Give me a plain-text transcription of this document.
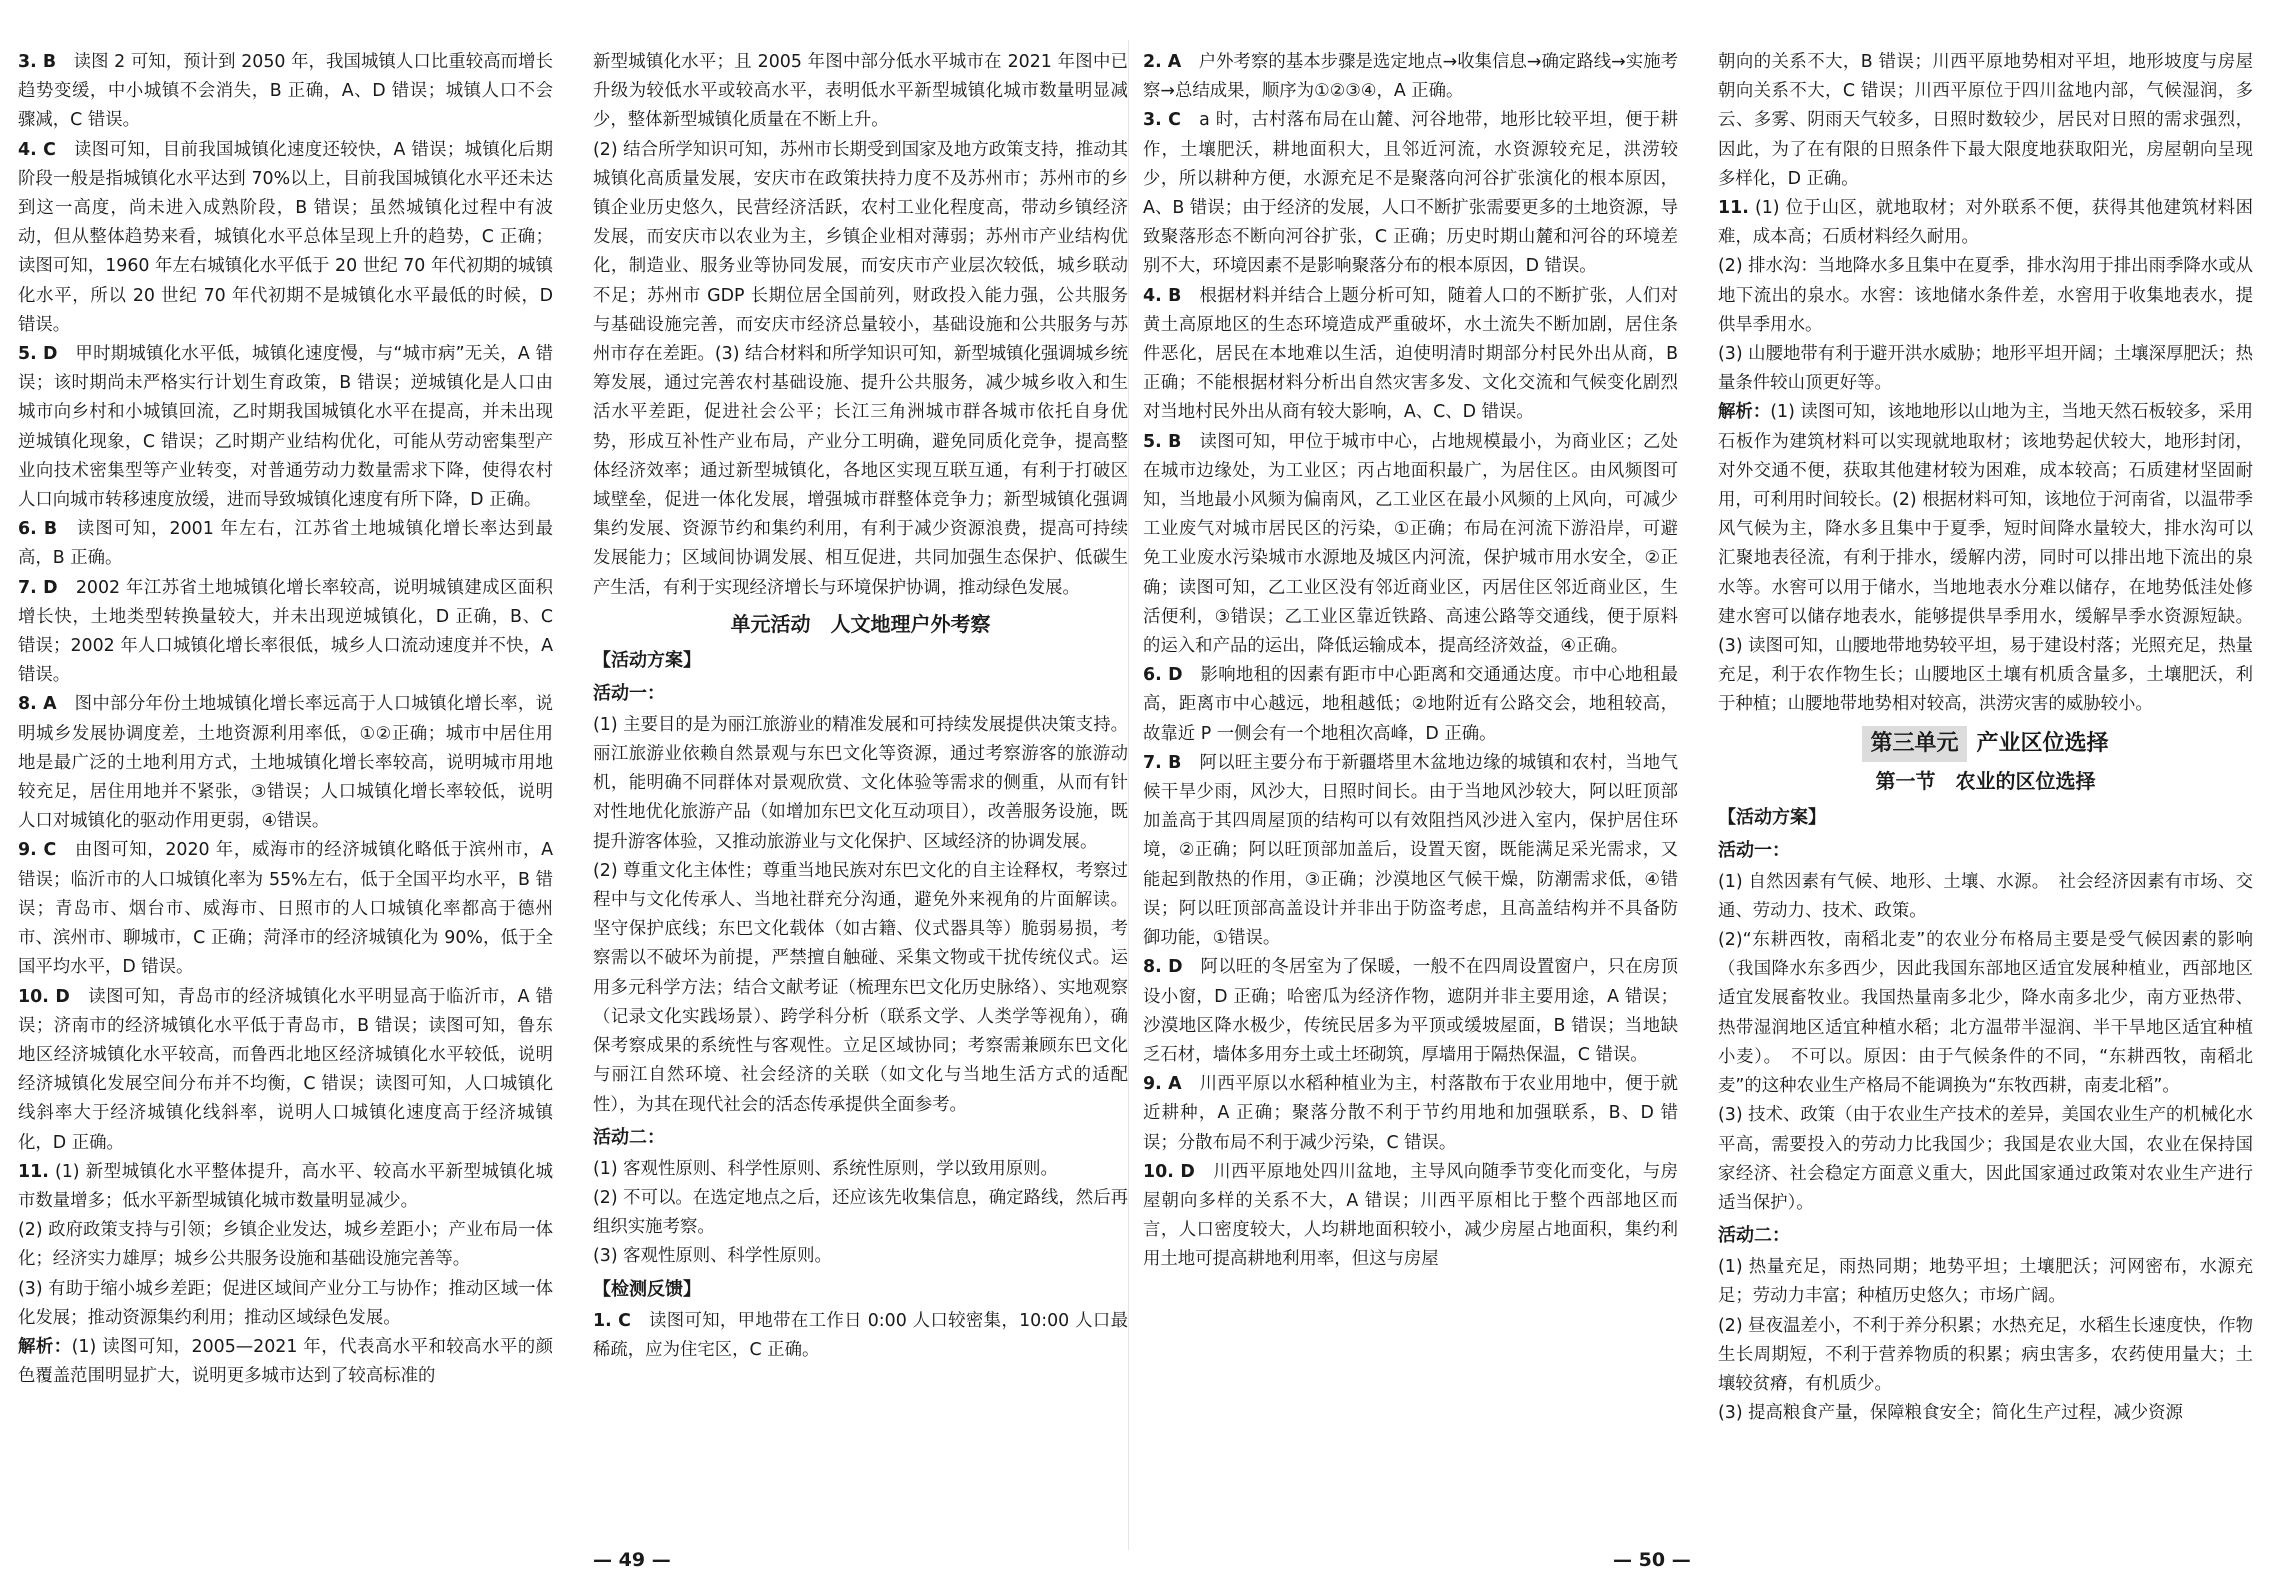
3. B　读图 2 可知，预计到 2050 年，我国城镇人口比重较高而增长趋势变缓，中小城镇不会消失，B 正确，A、D 错误；城镇人口不会骤减，C 错误。

4. C　读图可知，目前我国城镇化速度还较快，A 错误；城镇化后期阶段一般是指城镇化水平达到 70%以上，目前我国城镇化水平还未达到这一高度，尚未进入成熟阶段，B 错误；虽然城镇化过程中有波动，但从整体趋势来看，城镇化水平总体呈现上升的趋势，C 正确；读图可知，1960 年左右城镇化水平低于 20 世纪 70 年代初期的城镇化水平，所以 20 世纪 70 年代初期不是城镇化水平最低的时候，D 错误。

5. D　甲时期城镇化水平低，城镇化速度慢，与“城市病”无关，A 错误；该时期尚未严格实行计划生育政策，B 错误；逆城镇化是人口由城市向乡村和小城镇回流，乙时期我国城镇化水平在提高，并未出现逆城镇化现象，C 错误；乙时期产业结构优化，可能从劳动密集型产业向技术密集型等产业转变，对普通劳动力数量需求下降，使得农村人口向城市转移速度放缓，进而导致城镇化速度有所下降，D 正确。

6. B　读图可知，2001 年左右，江苏省土地城镇化增长率达到最高，B 正确。

7. D　2002 年江苏省土地城镇化增长率较高，说明城镇建成区面积增长快，土地类型转换量较大，并未出现逆城镇化，D 正确，B、C 错误；2002 年人口城镇化增长率很低，城乡人口流动速度并不快，A 错误。

8. A　图中部分年份土地城镇化增长率远高于人口城镇化增长率，说明城乡发展协调度差，土地资源利用率低，①②正确；城市中居住用地是最广泛的土地利用方式，土地城镇化增长率较高，说明城市用地较充足，居住用地并不紧张，③错误；人口城镇化增长率较低，说明人口对城镇化的驱动作用更弱，④错误。

9. C　由图可知，2020 年，威海市的经济城镇化略低于滨州市，A 错误；临沂市的人口城镇化率为 55%左右，低于全国平均水平，B 错误；青岛市、烟台市、威海市、日照市的人口城镇化率都高于德州市、滨州市、聊城市，C 正确；菏泽市的经济城镇化为 90%，低于全国平均水平，D 错误。

10. D　读图可知，青岛市的经济城镇化水平明显高于临沂市，A 错误；济南市的经济城镇化水平低于青岛市，B 错误；读图可知，鲁东地区经济城镇化水平较高，而鲁西北地区经济城镇化水平较低，说明经济城镇化发展空间分布并不均衡，C 错误；读图可知，人口城镇化线斜率大于经济城镇化线斜率，说明人口城镇化速度高于经济城镇化，D 正确。

11. (1) 新型城镇化水平整体提升，高水平、较高水平新型城镇化城市数量增多；低水平新型城镇化城市数量明显减少。

(2) 政府政策支持与引领；乡镇企业发达，城乡差距小；产业布局一体化；经济实力雄厚；城乡公共服务设施和基础设施完善等。

(3) 有助于缩小城乡差距；促进区域间产业分工与协作；推动区域一体化发展；推动资源集约利用；推动区域绿色发展。

解析：(1) 读图可知，2005—2021 年，代表高水平和较高水平的颜色覆盖范围明显扩大，说明更多城市达到了较高标准的

新型城镇化水平；且 2005 年图中部分低水平城市在 2021 年图中已升级为较低水平或较高水平，表明低水平新型城镇化城市数量明显减少，整体新型城镇化质量在不断上升。

(2) 结合所学知识可知，苏州市长期受到国家及地方政策支持，推动其城镇化高质量发展，安庆市在政策扶持力度不及苏州市；苏州市的乡镇企业历史悠久，民营经济活跃，农村工业化程度高，带动乡镇经济发展，而安庆市以农业为主，乡镇企业相对薄弱；苏州市产业结构优化，制造业、服务业等协同发展，而安庆市产业层次较低，城乡联动不足；苏州市 GDP 长期位居全国前列，财政投入能力强，公共服务与基础设施完善，而安庆市经济总量较小，基础设施和公共服务与苏州市存在差距。(3) 结合材料和所学知识可知，新型城镇化强调城乡统筹发展，通过完善农村基础设施、提升公共服务，减少城乡收入和生活水平差距，促进社会公平；长江三角洲城市群各城市依托自身优势，形成互补性产业布局，产业分工明确，避免同质化竞争，提高整体经济效率；通过新型城镇化，各地区实现互联互通，有利于打破区域壁垒，促进一体化发展，增强城市群整体竞争力；新型城镇化强调集约发展、资源节约和集约利用，有利于减少资源浪费，提高可持续发展能力；区域间协调发展、相互促进，共同加强生态保护、低碳生产生活，有利于实现经济增长与环境保护协调，推动绿色发展。

单元活动　人文地理户外考察
【活动方案】
活动一：

(1) 主要目的是为丽江旅游业的精准发展和可持续发展提供决策支持。丽江旅游业依赖自然景观与东巴文化等资源，通过考察游客的旅游动机，能明确不同群体对景观欣赏、文化体验等需求的侧重，从而有针对性地优化旅游产品（如增加东巴文化互动项目），改善服务设施，既提升游客体验，又推动旅游业与文化保护、区域经济的协调发展。

(2) 尊重文化主体性；尊重当地民族对东巴文化的自主诠释权，考察过程中与文化传承人、当地社群充分沟通，避免外来视角的片面解读。坚守保护底线；东巴文化载体（如古籍、仪式器具等）脆弱易损，考察需以不破坏为前提，严禁擅自触碰、采集文物或干扰传统仪式。运用多元科学方法；结合文献考证（梳理东巴文化历史脉络）、实地观察（记录文化实践场景）、跨学科分析（联系文学、人类学等视角），确保考察成果的系统性与客观性。立足区域协同；考察需兼顾东巴文化与丽江自然环境、社会经济的关联（如文化与当地生活方式的适配性），为其在现代社会的活态传承提供全面参考。

活动二：

(1) 客观性原则、科学性原则、系统性原则，学以致用原则。

(2) 不可以。在选定地点之后，还应该先收集信息，确定路线，然后再组织实施考察。

(3) 客观性原则、科学性原则。

【检测反馈】

1. C　读图可知，甲地带在工作日 0:00 人口较密集，10:00 人口最稀疏，应为住宅区，C 正确。

— 49 —

2. A　户外考察的基本步骤是选定地点→收集信息→确定路线→实施考察→总结成果，顺序为①②③④，A 正确。

3. C　a 时，古村落布局在山麓、河谷地带，地形比较平坦，便于耕作，土壤肥沃，耕地面积大，且邻近河流，水资源较充足，洪涝较少，所以耕种方便，水源充足不是聚落向河谷扩张演化的根本原因，A、B 错误；由于经济的发展，人口不断扩张需要更多的土地资源，导致聚落形态不断向河谷扩张，C 正确；历史时期山麓和河谷的环境差别不大，环境因素不是影响聚落分布的根本原因，D 错误。

4. B　根据材料并结合上题分析可知，随着人口的不断扩张，人们对黄土高原地区的生态环境造成严重破坏，水土流失不断加剧，居住条件恶化，居民在本地难以生活，迫使明清时期部分村民外出从商，B 正确；不能根据材料分析出自然灾害多发、文化交流和气候变化剧烈对当地村民外出从商有较大影响，A、C、D 错误。

5. B　读图可知，甲位于城市中心，占地规模最小，为商业区；乙处在城市边缘处，为工业区；丙占地面积最广，为居住区。由风频图可知，当地最小风频为偏南风，乙工业区在最小风频的上风向，可减少工业废气对城市居民区的污染，①正确；布局在河流下游沿岸，可避免工业废水污染城市水源地及城区内河流，保护城市用水安全，②正确；读图可知，乙工业区没有邻近商业区，丙居住区邻近商业区，生活便利，③错误；乙工业区靠近铁路、高速公路等交通线，便于原料的运入和产品的运出，降低运输成本，提高经济效益，④正确。

6. D　影响地租的因素有距市中心距离和交通通达度。市中心地租最高，距离市中心越远，地租越低；②地附近有公路交会，地租较高，故靠近 P 一侧会有一个地租次高峰，D 正确。

7. B　阿以旺主要分布于新疆塔里木盆地边缘的城镇和农村，当地气候干旱少雨，风沙大，日照时间长。由于当地风沙较大，阿以旺顶部加盖高于其四周屋顶的结构可以有效阻挡风沙进入室内，保护居住环境，②正确；阿以旺顶部加盖后，设置天窗，既能满足采光需求，又能起到散热的作用，③正确；沙漠地区气候干燥，防潮需求低，④错误；阿以旺顶部高盖设计并非出于防盗考虑，且高盖结构并不具备防御功能，①错误。

8. D　阿以旺的冬居室为了保暖，一般不在四周设置窗户，只在房顶设小窗，D 正确；哈密瓜为经济作物，遮阴并非主要用途，A 错误；沙漠地区降水极少，传统民居多为平顶或缓坡屋面，B 错误；当地缺乏石材，墙体多用夯土或土坯砌筑，厚墙用于隔热保温，C 错误。

9. A　川西平原以水稻种植业为主，村落散布于农业用地中，便于就近耕种，A 正确；聚落分散不利于节约用地和加强联系，B、D 错误；分散布局不利于减少污染，C 错误。

10. D　川西平原地处四川盆地，主导风向随季节变化而变化，与房屋朝向多样的关系不大，A 错误；川西平原相比于整个西部地区而言，人口密度较大，人均耕地面积较小，减少房屋占地面积，集约利用土地可提高耕地利用率，但这与房屋

朝向的关系不大，B 错误；川西平原地势相对平坦，地形坡度与房屋朝向关系不大，C 错误；川西平原位于四川盆地内部，气候湿润，多云、多雾、阴雨天气较多，日照时数较少，居民对日照的需求强烈，因此，为了在有限的日照条件下最大限度地获取阳光，房屋朝向呈现多样化，D 正确。

11. (1) 位于山区，就地取材；对外联系不便，获得其他建筑材料困难，成本高；石质材料经久耐用。

(2) 排水沟：当地降水多且集中在夏季，排水沟用于排出雨季降水或从地下流出的泉水。水窖：该地储水条件差，水窖用于收集地表水，提供旱季用水。

(3) 山腰地带有利于避开洪水威胁；地形平坦开阔；土壤深厚肥沃；热量条件较山顶更好等。

解析：(1) 读图可知，该地地形以山地为主，当地天然石板较多，采用石板作为建筑材料可以实现就地取材；该地势起伏较大，地形封闭，对外交通不便，获取其他建材较为困难，成本较高；石质建材坚固耐用，可利用时间较长。(2) 根据材料可知，该地位于河南省，以温带季风气候为主，降水多且集中于夏季，短时间降水量较大，排水沟可以汇聚地表径流，有利于排水，缓解内涝，同时可以排出地下流出的泉水等。水窖可以用于储水，当地地表水分难以储存，在地势低洼处修建水窖可以储存地表水，能够提供旱季用水，缓解旱季水资源短缺。(3) 读图可知，山腰地带地势较平坦，易于建设村落；光照充足，热量充足，利于农作物生长；山腰地区土壤有机质含量多，土壤肥沃，利于种植；山腰地带地势相对较高，洪涝灾害的威胁较小。

第三单元 产业区位选择
第一节　农业的区位选择
【活动方案】
活动一：

(1) 自然因素有气候、地形、土壤、水源。　社会经济因素有市场、交通、劳动力、技术、政策。

(2)“东耕西牧，南稻北麦”的农业分布格局主要是受气候因素的影响（我国降水东多西少，因此我国东部地区适宜发展种植业，西部地区适宜发展畜牧业。我国热量南多北少，降水南多北少，南方亚热带、热带湿润地区适宜种植水稻；北方温带半湿润、半干旱地区适宜种植小麦）。　不可以。原因：由于气候条件的不同，“东耕西牧，南稻北麦”的这种农业生产格局不能调换为“东牧西耕，南麦北稻”。

(3) 技术、政策（由于农业生产技术的差异，美国农业生产的机械化水平高，需要投入的劳动力比我国少；我国是农业大国，农业在保持国家经济、社会稳定方面意义重大，因此国家通过政策对农业生产进行适当保护）。

活动二：

(1) 热量充足，雨热同期；地势平坦；土壤肥沃；河网密布，水源充足；劳动力丰富；种植历史悠久；市场广阔。

(2) 昼夜温差小，不利于养分积累；水热充足，水稻生长速度快，作物生长周期短，不利于营养物质的积累；病虫害多，农药使用量大；土壤较贫瘠，有机质少。

(3) 提高粮食产量，保障粮食安全；简化生产过程，减少资源

— 50 —
